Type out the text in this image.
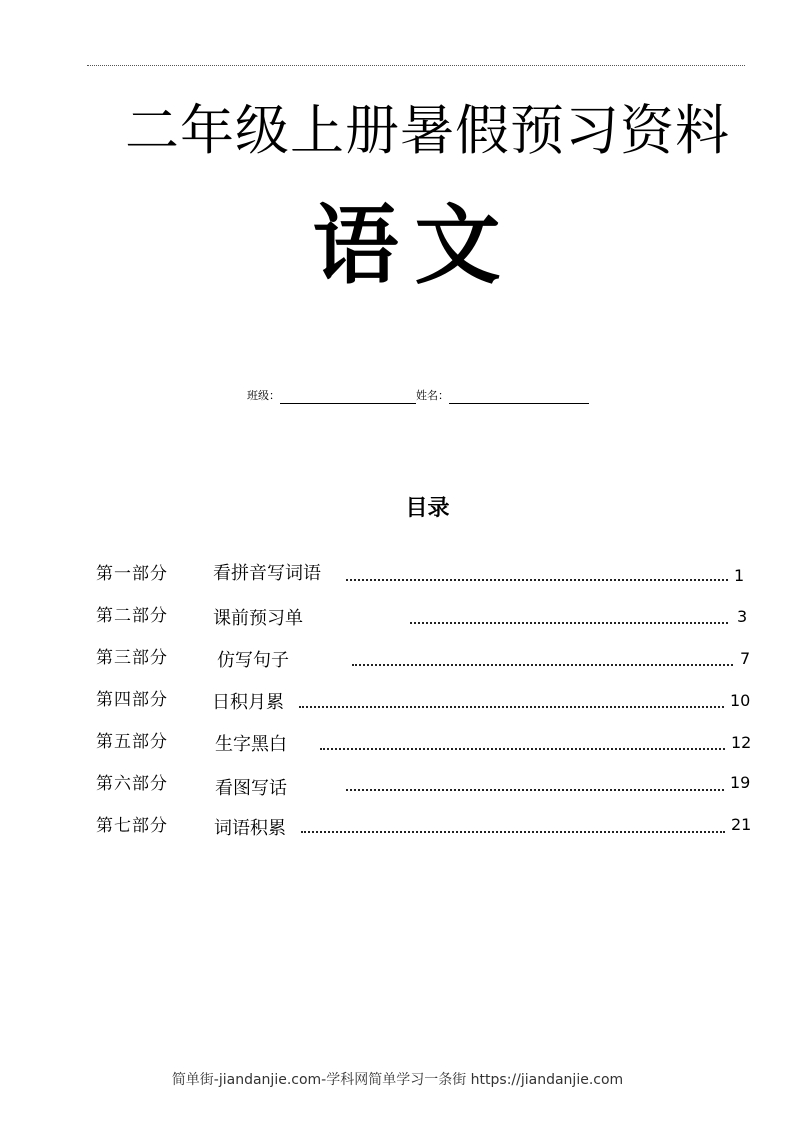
二年级上册暑假预习资料
语文
班级：	姓名：
目录
第一部分	看拼音写词语	1
第二部分	课前预习单	3
第三部分	仿写句子	7
第四部分 日积月累	10
第五部分	生字黑白	12
第六部分	看图写话	19
第七部分	词语积累	21
简单街-jiandanjie.com-学科网简单学习一条街 https://jiandanjie.com
